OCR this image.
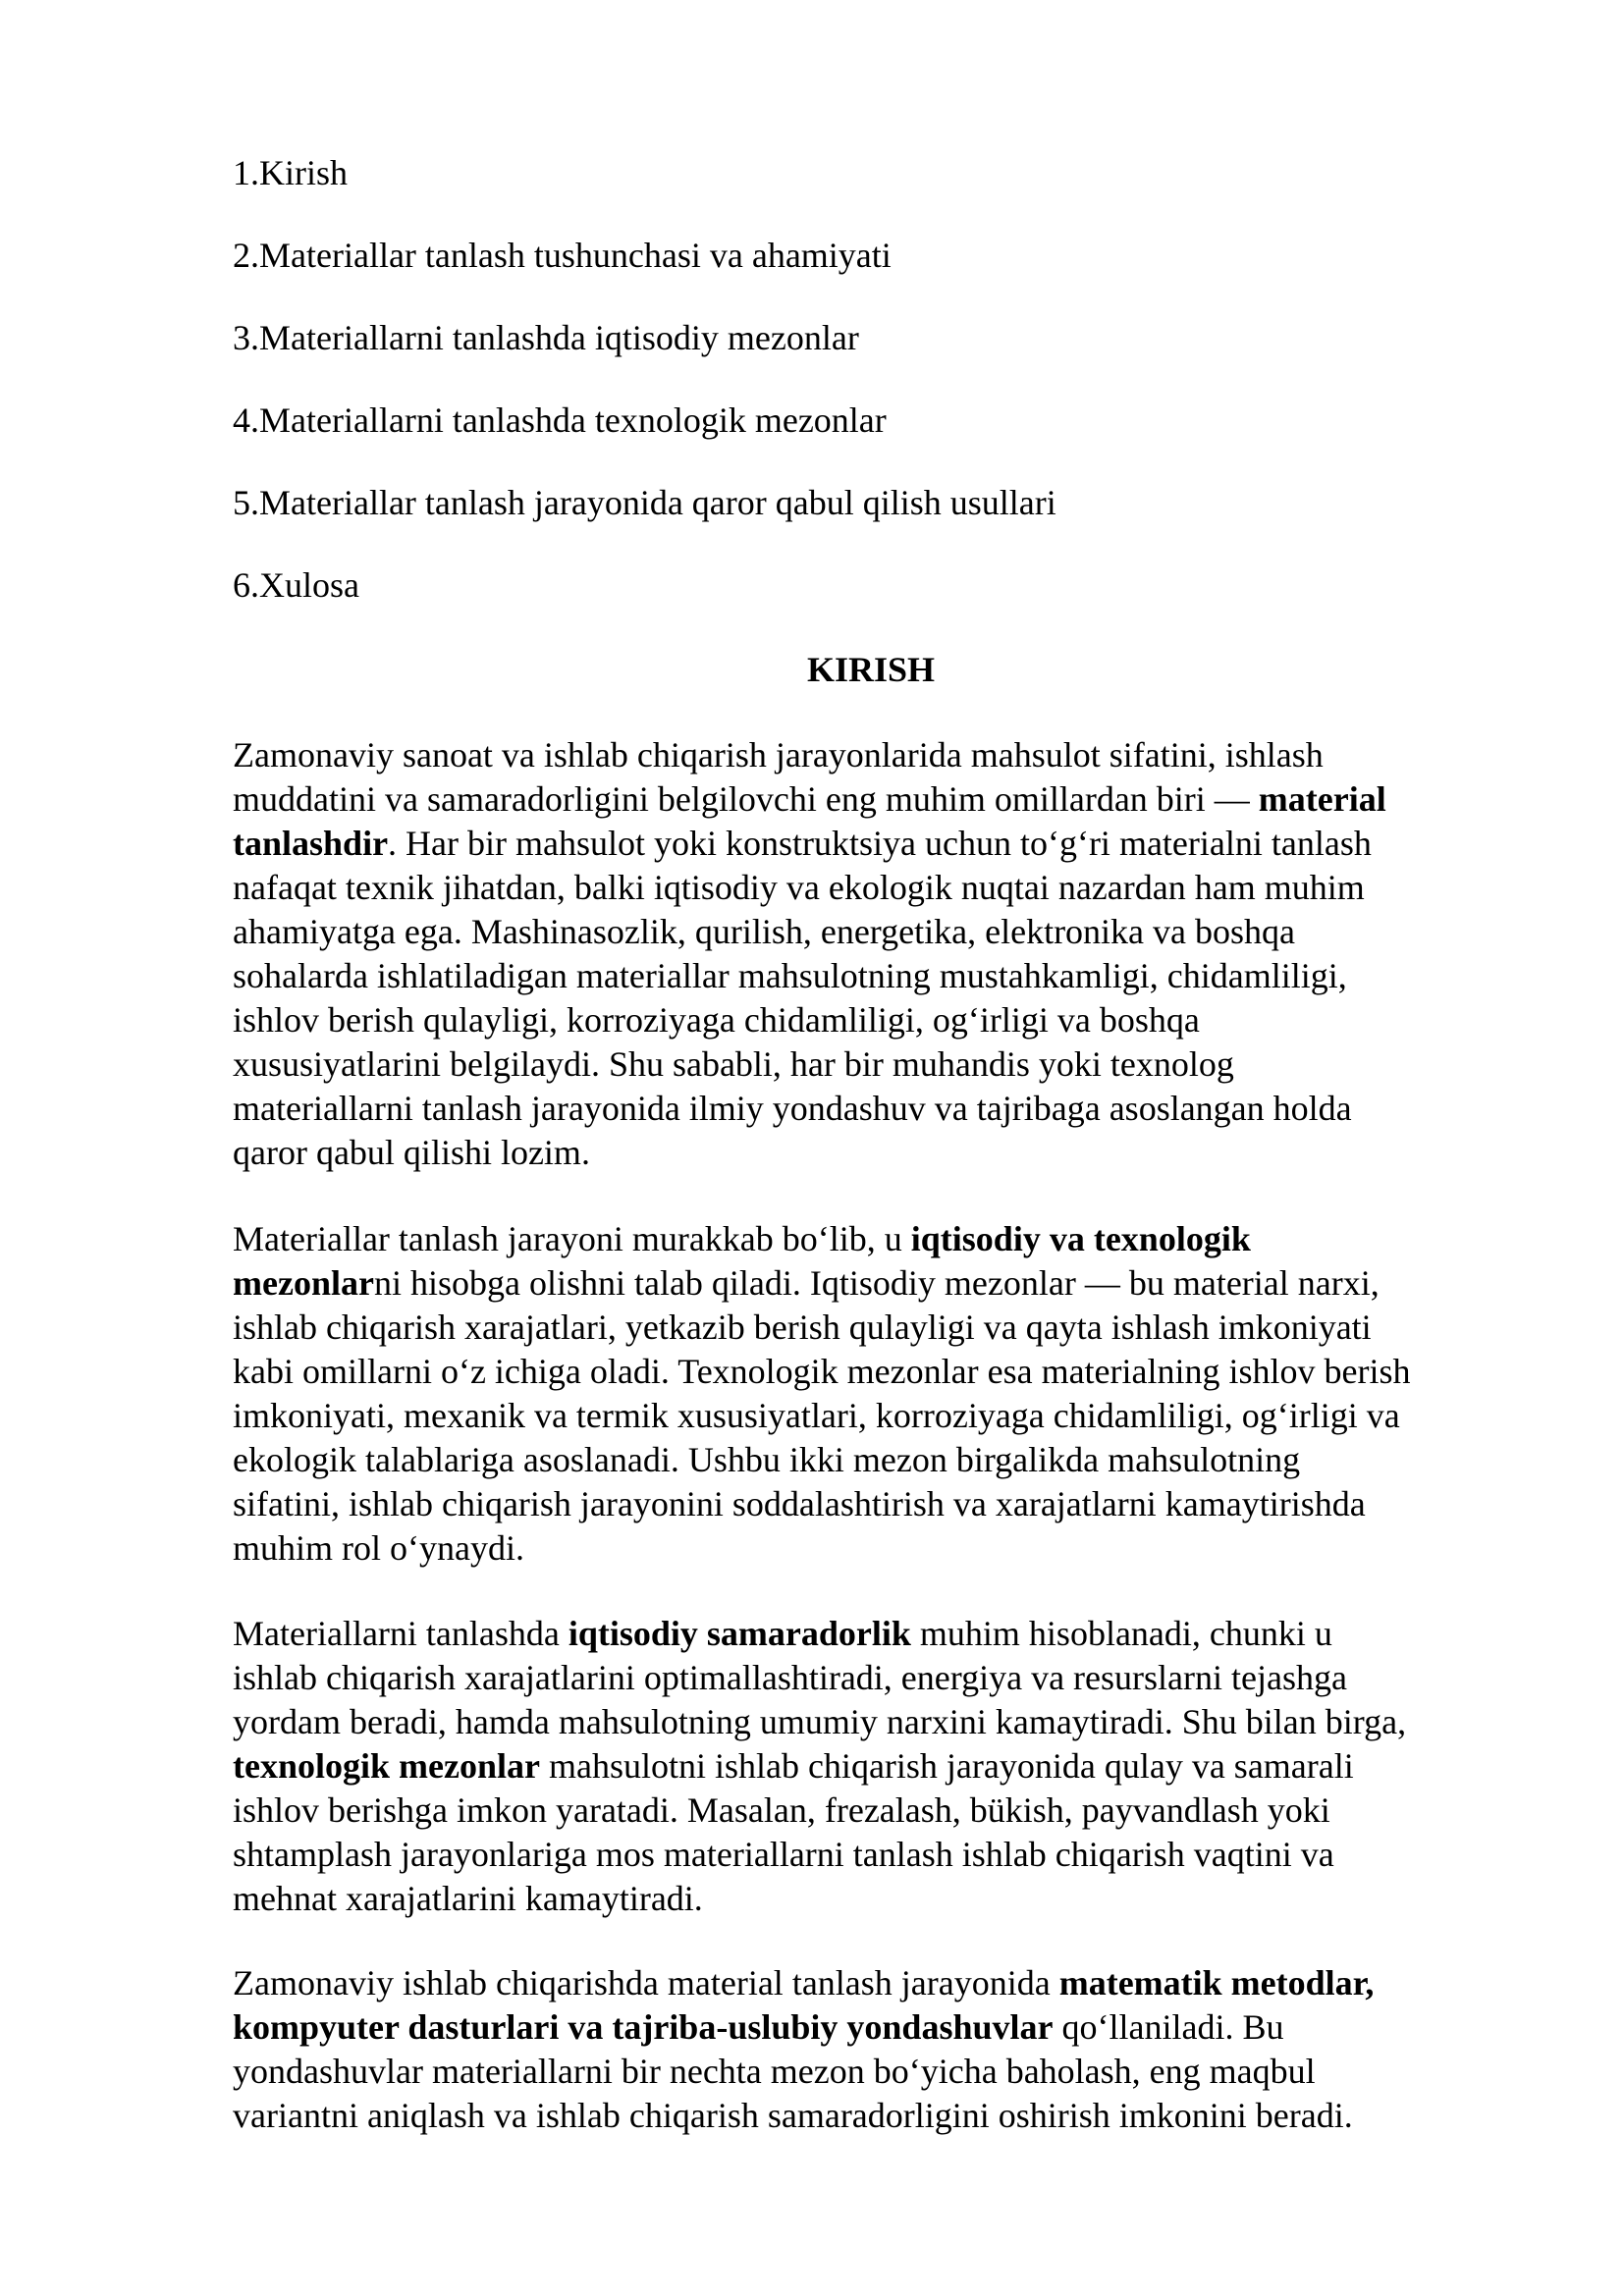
1.Kirish
2.Materiallar tanlash tushunchasi va ahamiyati
3.Materiallarni tanlashda iqtisodiy mezonlar
4.Materiallarni tanlashda texnologik mezonlar
5.Materiallar tanlash jarayonida qaror qabul qilish usullari
6.Xulosa
KIRISH

Zamonaviy sanoat va ishlab chiqarish jarayonlarida mahsulot sifatini, ishlash
muddatini va samaradorligini belgilovchi eng muhim omillardan biri — material
tanlashdir. Har bir mahsulot yoki konstruktsiya uchun to‘g‘ri materialni tanlash
nafaqat texnik jihatdan, balki iqtisodiy va ekologik nuqtai nazardan ham muhim
ahamiyatga ega. Mashinasozlik, qurilish, energetika, elektronika va boshqa
sohalarda ishlatiladigan materiallar mahsulotning mustahkamligi, chidamliligi,
ishlov berish qulayligi, korroziyaga chidamliligi, og‘irligi va boshqa
xususiyatlarini belgilaydi. Shu sababli, har bir muhandis yoki texnolog
materiallarni tanlash jarayonida ilmiy yondashuv va tajribaga asoslangan holda
qaror qabul qilishi lozim.

Materiallar tanlash jarayoni murakkab bo‘lib, u iqtisodiy va texnologik
mezonlarni hisobga olishni talab qiladi. Iqtisodiy mezonlar — bu material narxi,
ishlab chiqarish xarajatlari, yetkazib berish qulayligi va qayta ishlash imkoniyati
kabi omillarni o‘z ichiga oladi. Texnologik mezonlar esa materialning ishlov berish
imkoniyati, mexanik va termik xususiyatlari, korroziyaga chidamliligi, og‘irligi va
ekologik talablariga asoslanadi. Ushbu ikki mezon birgalikda mahsulotning
sifatini, ishlab chiqarish jarayonini soddalashtirish va xarajatlarni kamaytirishda
muhim rol o‘ynaydi.

Materiallarni tanlashda iqtisodiy samaradorlik muhim hisoblanadi, chunki u
ishlab chiqarish xarajatlarini optimallashtiradi, energiya va resurslarni tejashga
yordam beradi, hamda mahsulotning umumiy narxini kamaytiradi. Shu bilan birga,
texnologik mezonlar mahsulotni ishlab chiqarish jarayonida qulay va samarali
ishlov berishga imkon yaratadi. Masalan, frezalash, bükish, payvandlash yoki
shtamplash jarayonlariga mos materiallarni tanlash ishlab chiqarish vaqtini va
mehnat xarajatlarini kamaytiradi.

Zamonaviy ishlab chiqarishda material tanlash jarayonida matematik metodlar,
kompyuter dasturlari va tajriba-uslubiy yondashuvlar qo‘llaniladi. Bu
yondashuvlar materiallarni bir nechta mezon bo‘yicha baholash, eng maqbul
variantni aniqlash va ishlab chiqarish samaradorligini oshirish imkonini beradi.
